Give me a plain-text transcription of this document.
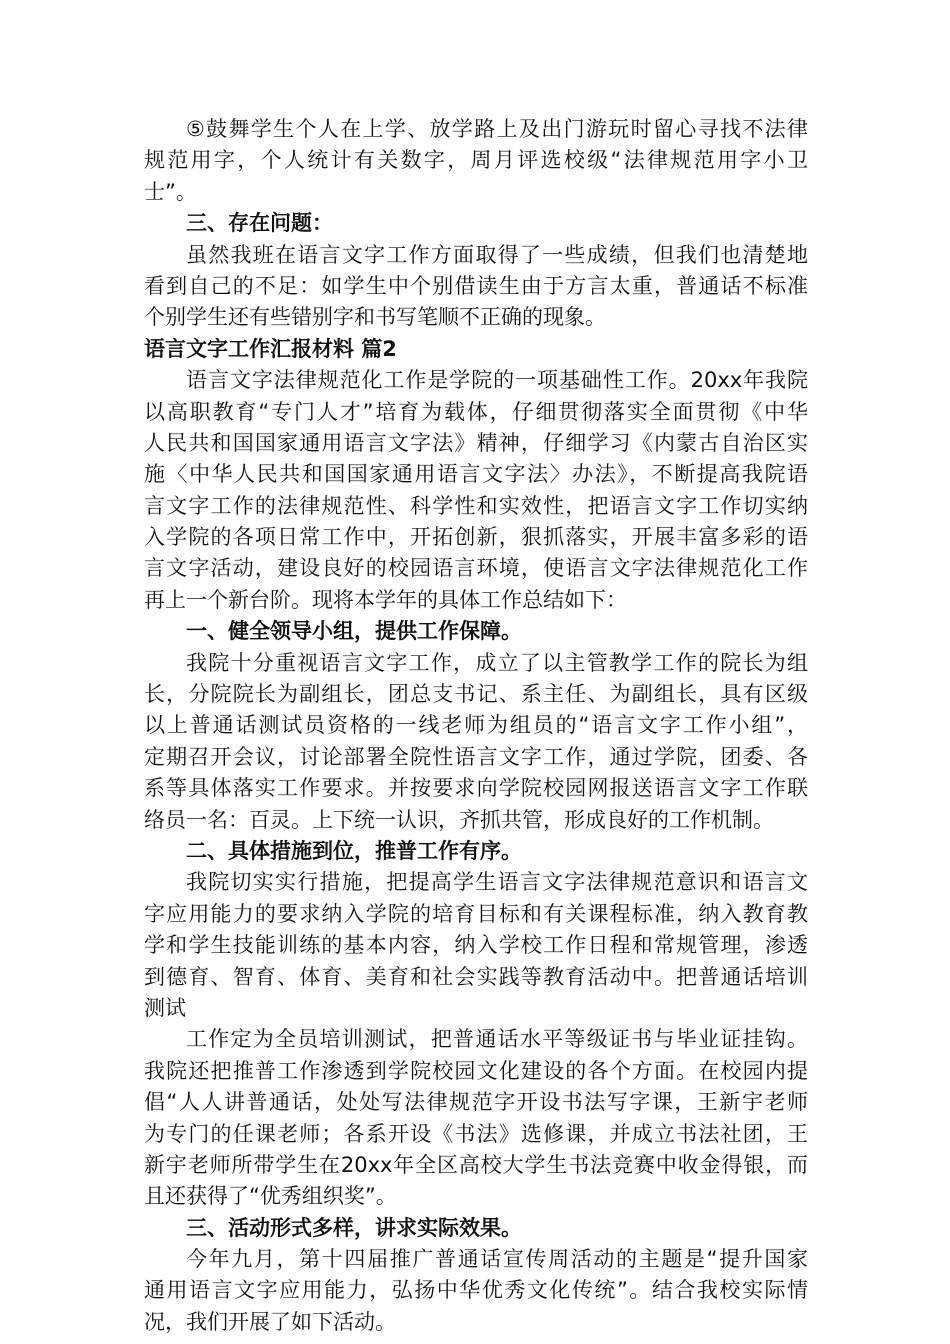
⑤鼓舞学生个人在上学、放学路上及出门游玩时留心寻找不法律
规范用字，个人统计有关数字，周月评选校级“法律规范用字小卫
士”。
三、存在问题：
虽然我班在语言文字工作方面取得了一些成绩，但我们也清楚地
看到自己的不足：如学生中个别借读生由于方言太重，普通话不标准
个别学生还有些错别字和书写笔顺不正确的现象。
语言文字工作汇报材料 篇2
语言文字法律规范化工作是学院的一项基础性工作。20xx年我院
以高职教育“专门人才”培育为载体，仔细贯彻落实全面贯彻《中华
人民共和国国家通用语言文字法》精神，仔细学习《内蒙古自治区实
施〈中华人民共和国国家通用语言文字法〉办法》，不断提高我院语
言文字工作的法律规范性、科学性和实效性，把语言文字工作切实纳
入学院的各项日常工作中，开拓创新，狠抓落实，开展丰富多彩的语
言文字活动，建设良好的校园语言环境，使语言文字法律规范化工作
再上一个新台阶。现将本学年的具体工作总结如下：
一、健全领导小组，提供工作保障。
我院十分重视语言文字工作，成立了以主管教学工作的院长为组
长，分院院长为副组长，团总支书记、系主任、为副组长，具有区级
以上普通话测试员资格的一线老师为组员的“语言文字工作小组”，
定期召开会议，讨论部署全院性语言文字工作，通过学院，团委、各
系等具体落实工作要求。并按要求向学院校园网报送语言文字工作联
络员一名：百灵。上下统一认识，齐抓共管，形成良好的工作机制。
二、具体措施到位，推普工作有序。
我院切实实行措施，把提高学生语言文字法律规范意识和语言文
字应用能力的要求纳入学院的培育目标和有关课程标准，纳入教育教
学和学生技能训练的基本内容，纳入学校工作日程和常规管理，渗透
到德育、智育、体育、美育和社会实践等教育活动中。把普通话培训
测试
工作定为全员培训测试，把普通话水平等级证书与毕业证挂钩。
我院还把推普工作渗透到学院校园文化建设的各个方面。在校园内提
倡“人人讲普通话，处处写法律规范字开设书法写字课，王新宇老师
为专门的任课老师；各系开设《书法》选修课，并成立书法社团，王
新宇老师所带学生在20xx年全区高校大学生书法竞赛中收金得银，而
且还获得了“优秀组织奖”。
三、活动形式多样，讲求实际效果。
今年九月，第十四届推广普通话宣传周活动的主题是“提升国家
通用语言文字应用能力，弘扬中华优秀文化传统”。结合我校实际情
况，我们开展了如下活动。
